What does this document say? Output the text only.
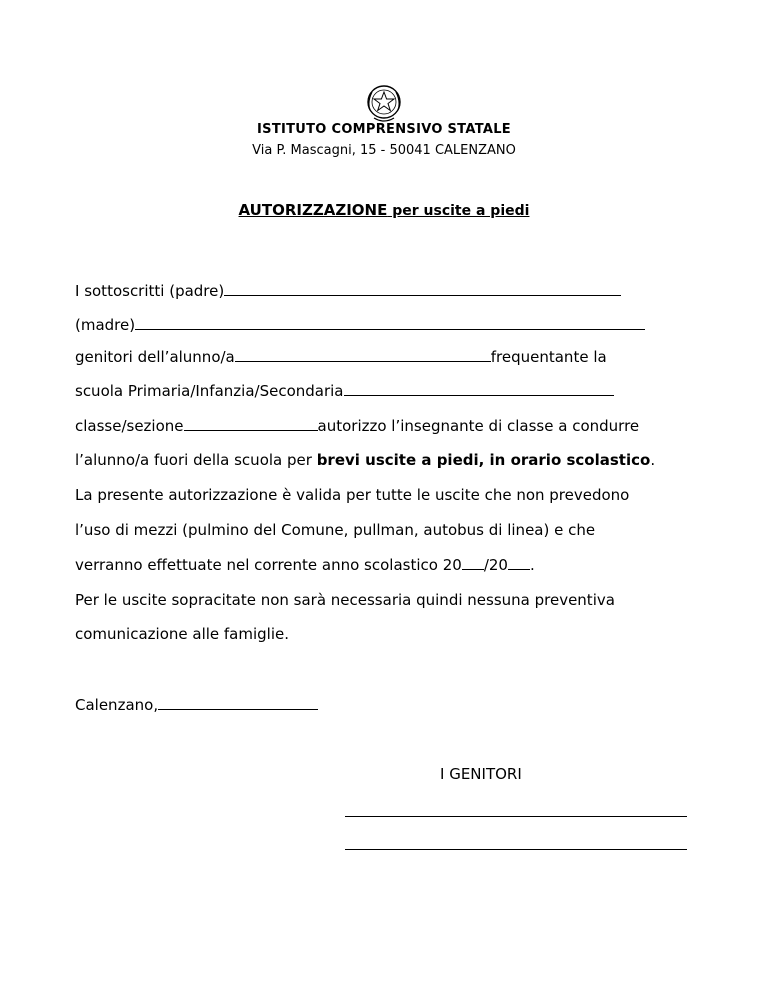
ISTITUTO COMPRENSIVO STATALE
Via P. Mascagni, 15 - 50041 CALENZANO
AUTORIZZAZIONE per uscite a piedi
I sottoscritti (padre)
(madre)
genitori dell’alunno/a	frequentante la
scuola Primaria/Infanzia/Secondaria
classe/sezione	autorizzo l’insegnante di classe a condurre
l’alunno/a fuori della scuola per brevi uscite a piedi, in orario scolastico.
La presente autorizzazione è valida per tutte le uscite che non prevedono
l’uso di mezzi (pulmino del Comune, pullman, autobus di linea) e che
verranno effettuate nel corrente anno scolastico 20 /20 .
Per le uscite sopracitate non sarà necessaria quindi nessuna preventiva
comunicazione alle famiglie.
Calenzano,
I GENITORI
